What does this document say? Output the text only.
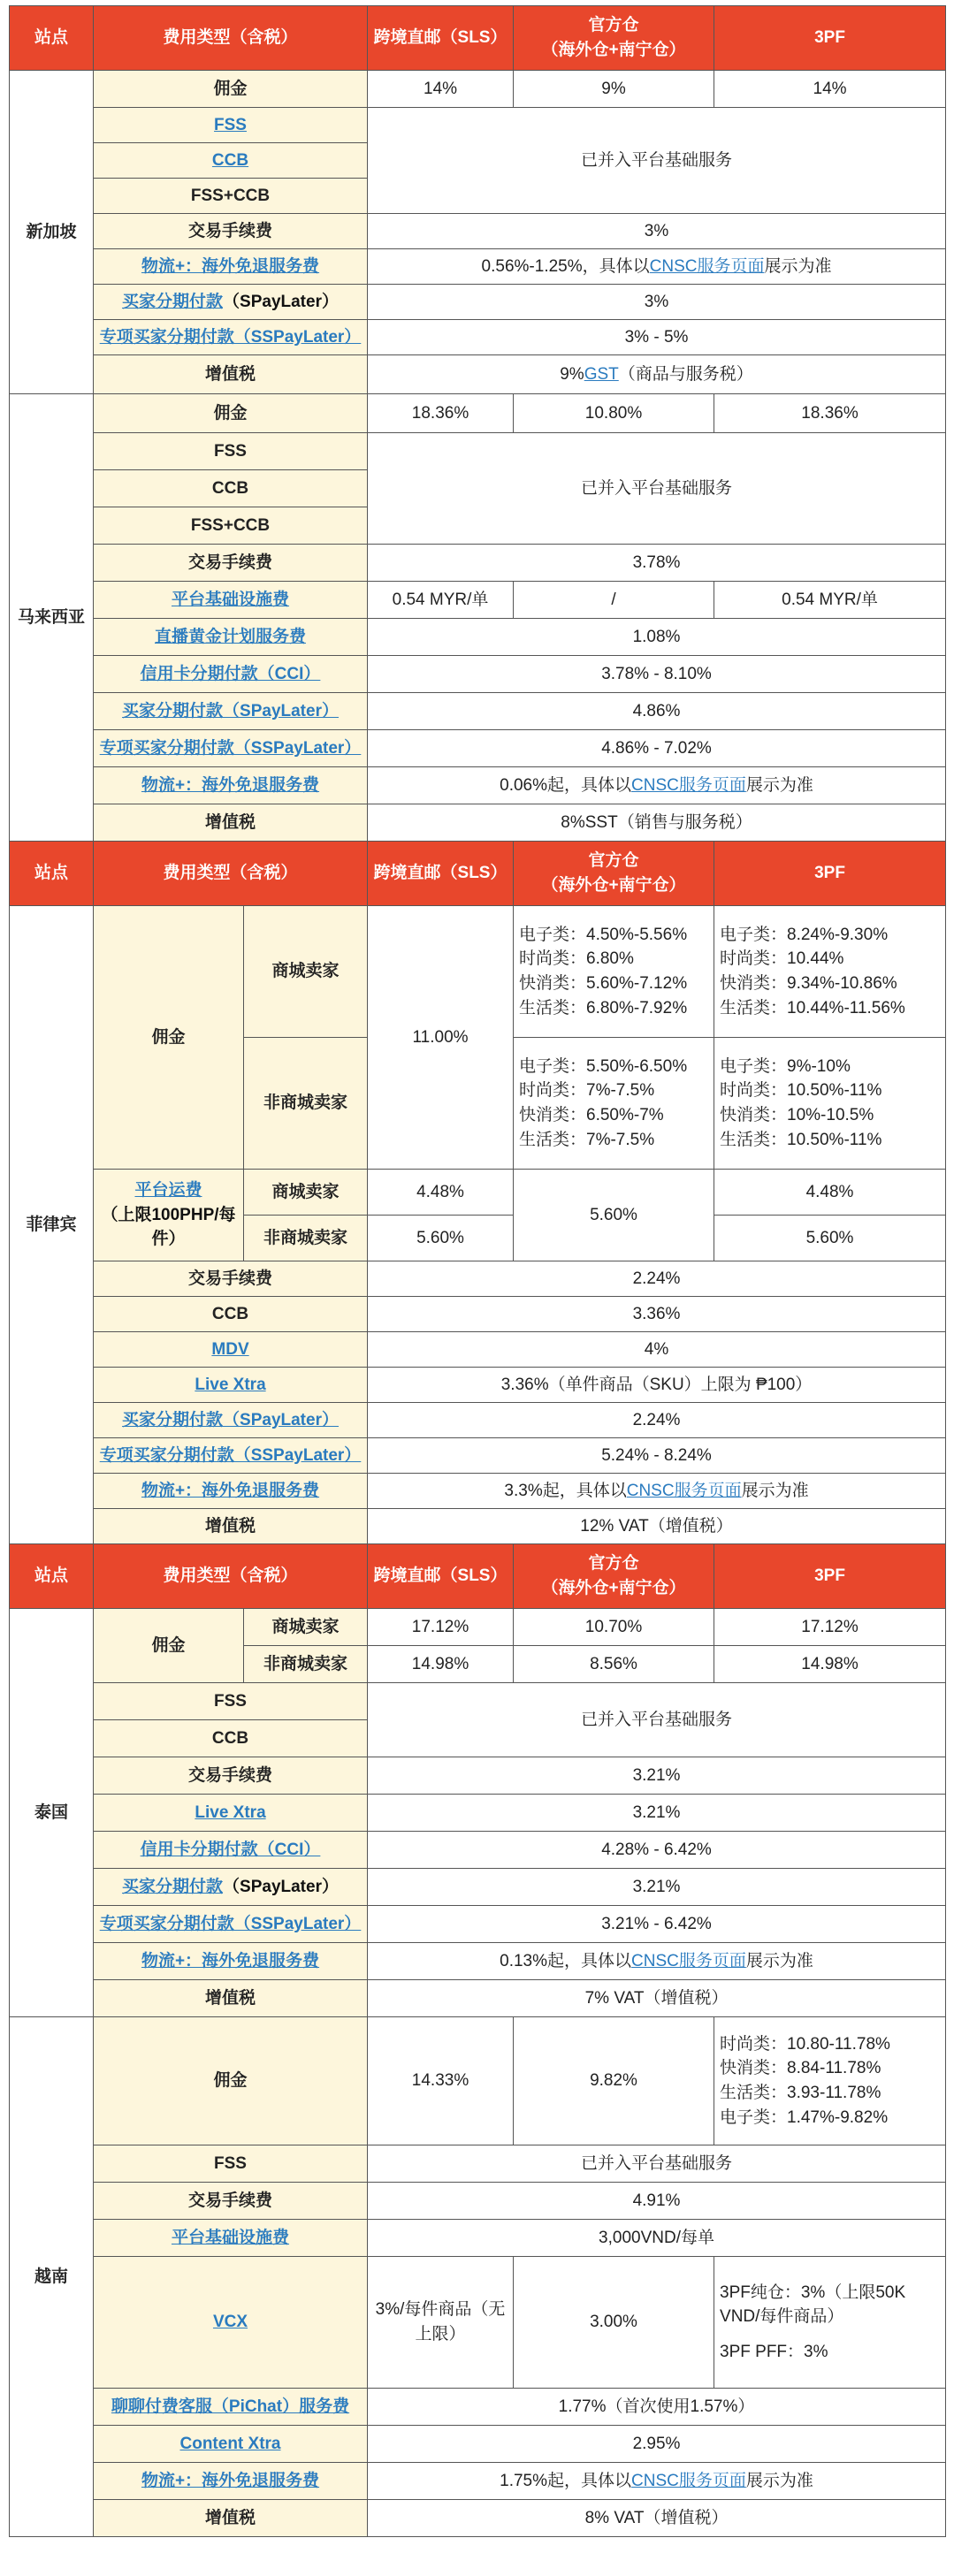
站点	费用类型（含税）		跨境直邮（SLS）	官方仓
（海外仓+南宁仓）	3PF
新加坡	佣金		14%	9%	14%
	FSS		已并入平台基础服务		
	CCB				
	FSS+CCB				
	交易手续费		3%		
	物流+：海外免退服务费		0.56%-1.25%，具体以CNSC服务页面展示为准		
	买家分期付款（SPayLater）		3%		
	专项买家分期付款（SSPayLater）		3% - 5%		
	增值税		9%GST（商品与服务税）		
马来西亚	佣金		18.36%	10.80%	18.36%
	FSS		已并入平台基础服务		
	CCB				
	FSS+CCB				
	交易手续费		3.78%		
	平台基础设施费		0.54 MYR/单	/	0.54 MYR/单
	直播黄金计划服务费		1.08%		
	信用卡分期付款（CCI）		3.78% - 8.10%		
	买家分期付款（SPayLater）		4.86%		
	专项买家分期付款（SSPayLater）		4.86% - 7.02%		
	物流+：海外免退服务费		0.06%起，具体以CNSC服务页面展示为准		
	增值税		8%SST（销售与服务税）		
站点	费用类型（含税）		跨境直邮（SLS）	官方仓
（海外仓+南宁仓）	3PF
菲律宾	佣金	商城卖家	11.00%	电子类：4.50%-5.56%
时尚类：6.80%
快消类：5.60%-7.12%
生活类：6.80%-7.92%	电子类：8.24%-9.30%
时尚类：10.44%
快消类：9.34%-10.86%
生活类：10.44%-11.56%

		非商城卖家		电子类：5.50%-6.50%
时尚类：7%-7.5%
快消类：6.50%-7%
生活类：7%-7.5%	电子类：9%-10%
时尚类：10.50%-11%
快消类：10%-10.5%
生活类：10.50%-11%

	平台运费
（上限100PHP/每件）	商城卖家	4.48%	5.60%	4.48%
		非商城卖家	5.60%		5.60%
	交易手续费		2.24%		
	CCB		3.36%		
	MDV		4%		
	Live Xtra		3.36%（单件商品（SKU）上限为 ₱100）		
	买家分期付款（SPayLater）		2.24%		
	专项买家分期付款（SSPayLater）		5.24% - 8.24%		
	物流+：海外免退服务费		3.3%起，具体以CNSC服务页面展示为准		
	增值税		12% VAT（增值税）		
站点	费用类型（含税）		跨境直邮（SLS）	官方仓
（海外仓+南宁仓）	3PF
泰国	佣金	商城卖家	17.12%	10.70%	17.12%
		非商城卖家	14.98%	8.56%	14.98%
	FSS		已并入平台基础服务		
	CCB				
	交易手续费		3.21%		
	Live Xtra		3.21%		
	信用卡分期付款（CCI）		4.28% - 6.42%		
	买家分期付款（SPayLater）		3.21%		
	专项买家分期付款（SSPayLater）		3.21% - 6.42%		
	物流+：海外免退服务费		0.13%起，具体以CNSC服务页面展示为准		
	增值税		7% VAT（增值税）		
越南	佣金		14.33%	9.82%	时尚类：10.80-11.78%
快消类：8.84-11.78%
生活类：3.93-11.78%
电子类：1.47%-9.82%

	FSS		已并入平台基础服务		
	交易手续费		4.91%		
	平台基础设施费		3,000VND/每单		
	VCX		3%/每件商品（无上限）	3.00%	3PF纯仓：3%（上限50K VND/每件商品）
3PF PFF：3%

	聊聊付费客服（PiChat）服务费		1.77%（首次使用1.57%）		
	Content Xtra		2.95%		
	物流+：海外免退服务费		1.75%起，具体以CNSC服务页面展示为准		
	增值税		8% VAT（增值税）		
